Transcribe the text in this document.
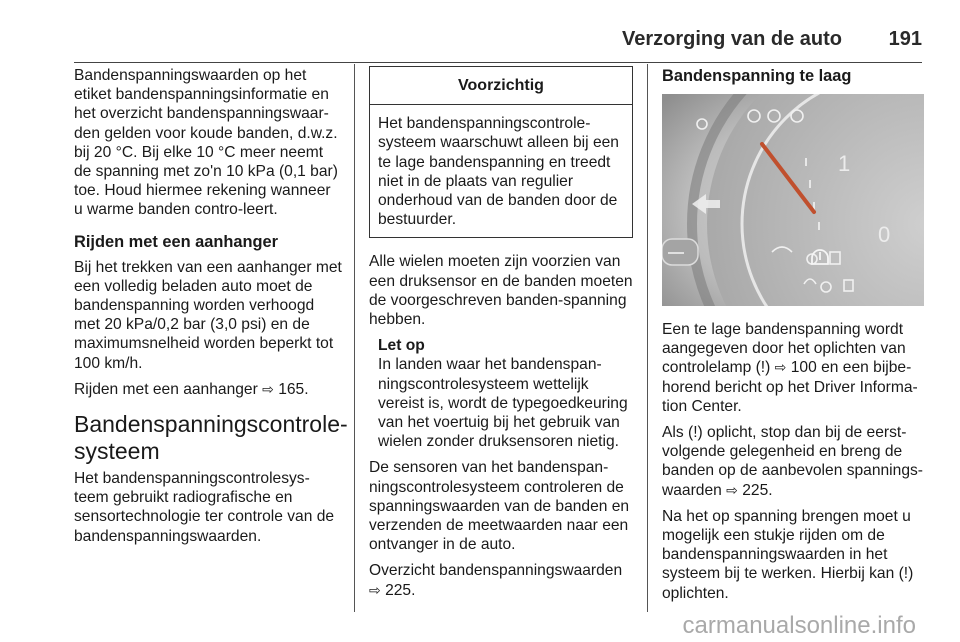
Verzorging van de auto 191

Bandenspanningswaarden op het etiket bandenspanningsinformatie en het overzicht bandenspanningswaar-den gelden voor koude banden, d.w.z. bij 20 °C. Bij elke 10 °C meer neemt de spanning met zo'n 10 kPa (0,1 bar) toe. Houd hiermee rekening wanneer u warme banden contro-leert.

Rijden met een aanhanger

Bij het trekken van een aanhanger met een volledig beladen auto moet de bandenspanning worden verhoogd met 20 kPa/0,2 bar (3,0 psi) en de maximumsnelheid worden beperkt tot 100 km/h.

Rijden met een aanhanger ⇨ 165.

Bandenspanningscontrole-systeem

Het bandenspanningscontrolesys-teem gebruikt radiografische en sensortechnologie ter controle van de bandenspanningswaarden.

Voorzichtig
Het bandenspanningscontrole-systeem waarschuwt alleen bij een te lage bandenspanning en treedt niet in de plaats van regulier onderhoud van de banden door de bestuurder.

Alle wielen moeten zijn voorzien van een druksensor en de banden moeten de voorgeschreven banden-spanning hebben.

Let op
In landen waar het bandenspan-ningscontrolesysteem wettelijk vereist is, wordt de typegoedkeuring van het voertuig bij het gebruik van wielen zonder druksensoren nietig.

De sensoren van het bandenspan-ningscontrolesysteem controleren de spanningswaarden van de banden en verzenden de meetwaarden naar een ontvanger in de auto.

Overzicht bandenspanningswaarden
⇨ 225.

Bandenspanning te laag
1
0

Een te lage bandenspanning wordt aangegeven door het oplichten van controlelamp (!) ⇨ 100 en een bijbe-horend bericht op het Driver Informa-tion Center.

Als (!) oplicht, stop dan bij de eerst-volgende gelegenheid en breng de banden op de aanbevolen spannings-waarden ⇨ 225.

Na het op spanning brengen moet u mogelijk een stukje rijden om de bandenspanningswaarden in het systeem bij te werken. Hierbij kan (!)
oplichten.

carmanualsonline.info
